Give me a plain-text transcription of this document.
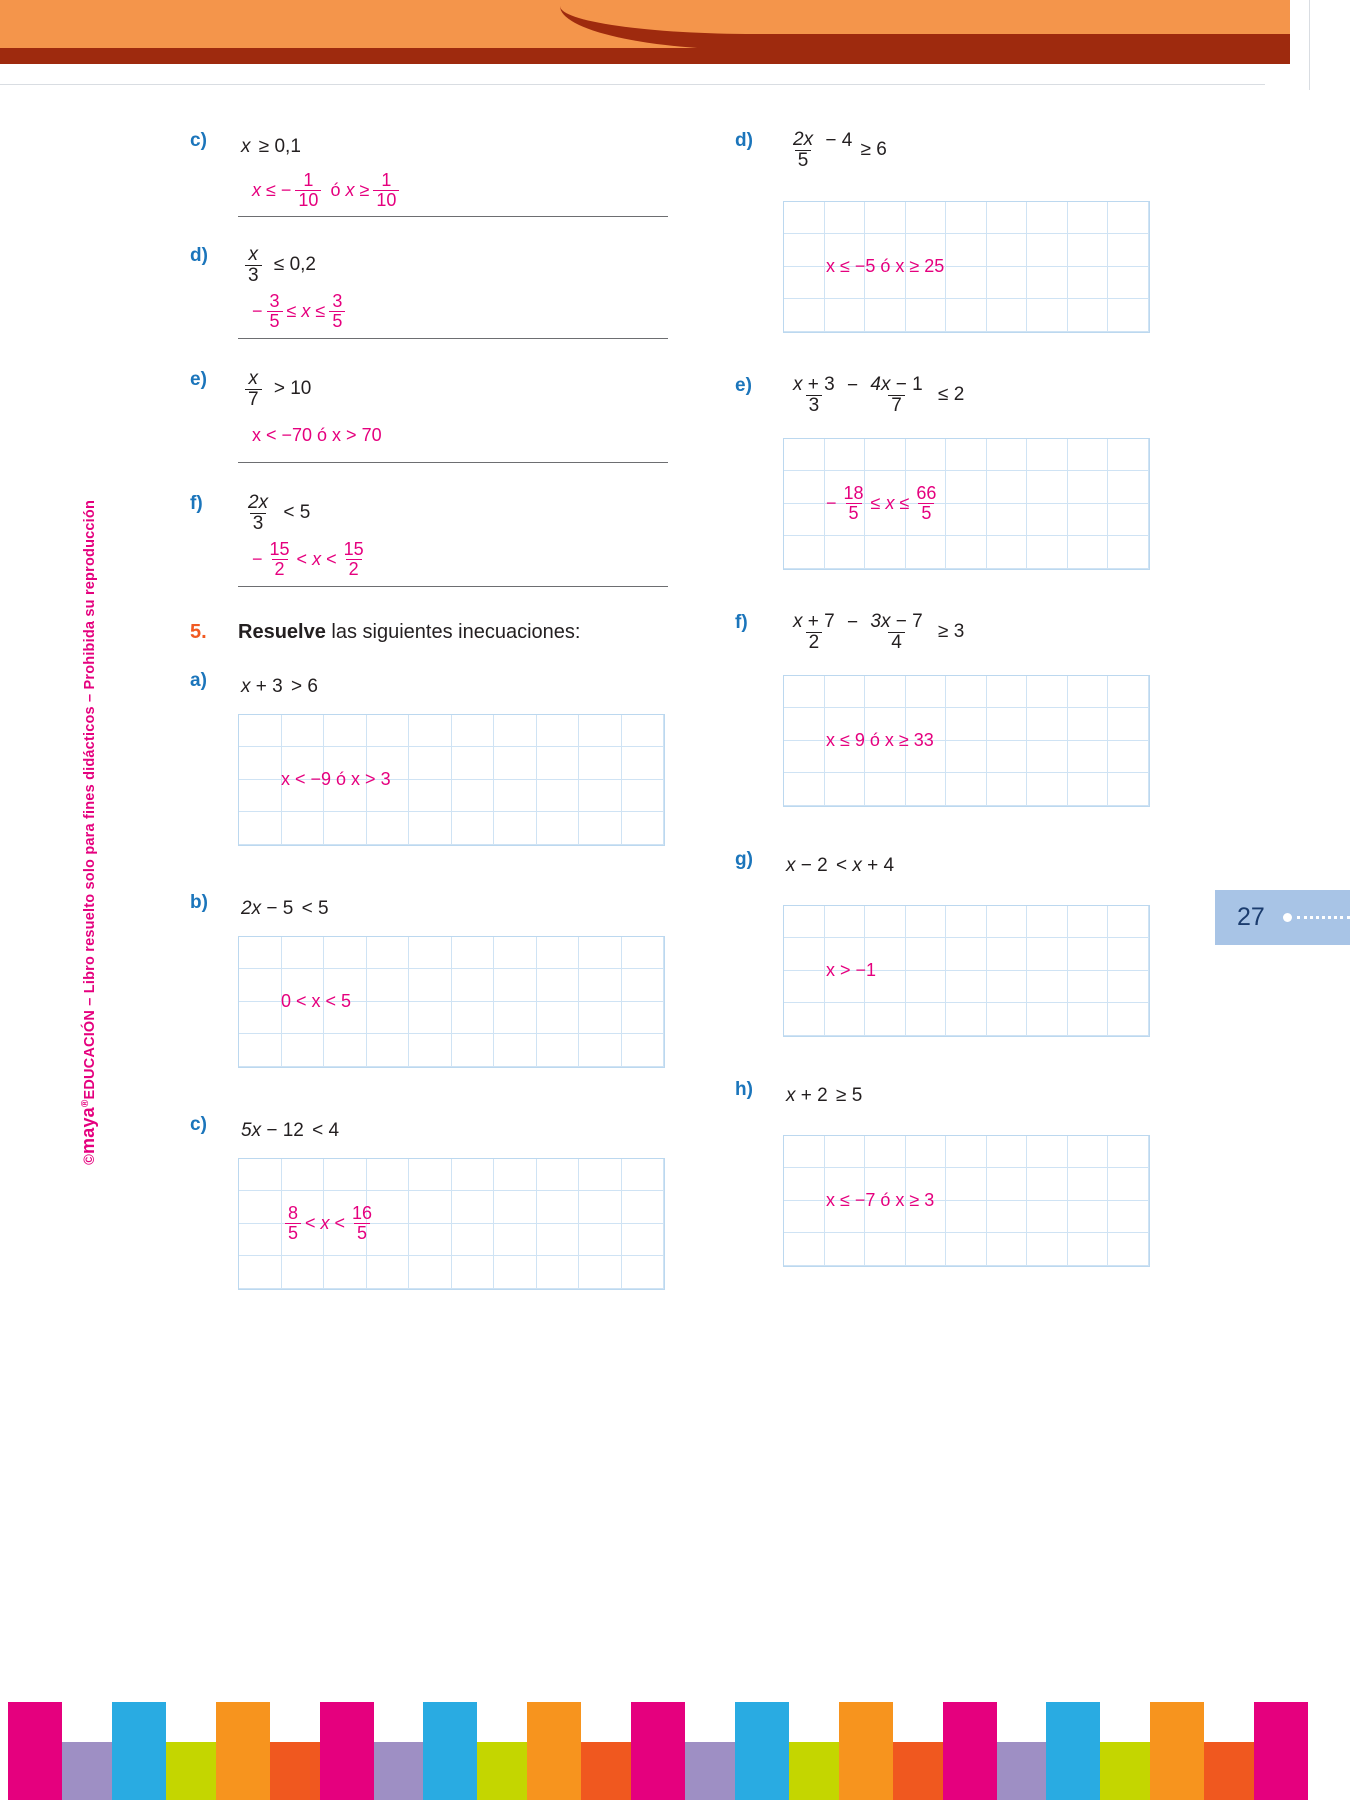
©maya®EDUCACIÓN – Libro resuelto solo para fines didácticos – Prohibida su reproducción	27
c) x ≥ 0,1
x ≤ − $\frac{1}{10}$ ó $x \ge \frac{1}{10}$
$d) \frac{x}{3} \le 0,2$
− $\frac{3}{5} \le x \le \frac{3}{5}$
$e) \frac{x}{7} > 10$
x < −70 ó x > 70
$f) \frac{2x}{3} < 5$
− $\frac{15}{2} < x < \frac{15}{2}$
5.	Resuelve las siguientes inecuaciones:
a) x + 3 > 6
x < −9 ó x > 3
b) 2x − 5 < 5
0 < x < 5
c) 5x − 12 < 4
$\frac{8}{5} < x < \frac{16}{5}$
$d) \frac{2x}{5} - 4 \ge 6$
x ≤ −5 ó x ≥ 25
$e) \frac{x + 3}{3} - \frac{4x - 1}{7} \le 2$
− $\frac{18}{5} \le x \le \frac{66}{5}$
$f) \frac{x + 7}{2} - \frac{3x - 7}{4} \ge 3$
x ≤ 9 ó x ≥ 33
g) x − 2 < x + 4
x > −1
h) x + 2 ≥ 5
x ≤ −7 ó x ≥ 3
